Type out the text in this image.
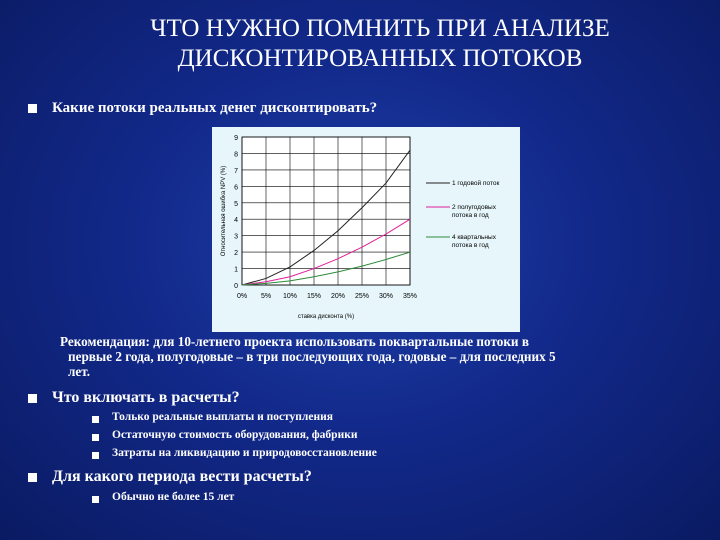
ЧТО НУЖНО ПОМНИТЬ ПРИ АНАЛИЗЕ
ДИСКОНТИРОВАННЫХ ПОТОКОВ
Какие потоки реальных денег дисконтировать?
0
1
2
3
4
5
6
7
8
9
0% 5% 10% 15% 20% 25% 30% 35%
Относительная ошибка NPV (%)
ставка дисконта (%)
1 годовой поток
2 полугодовых
потока в год
4 квартальных
потока в год
Рекомендация: для 10-летнего проекта использовать поквартальные потоки в
первые 2 года, полугодовые – в три последующих года, годовые – для последних 5
лет.
Что включать в расчеты?
Только реальные выплаты и поступления
Остаточную стоимость оборудования, фабрики
Затраты на ликвидацию и природовосстановление
Для какого периода вести расчеты?
Обычно не более 15 лет
